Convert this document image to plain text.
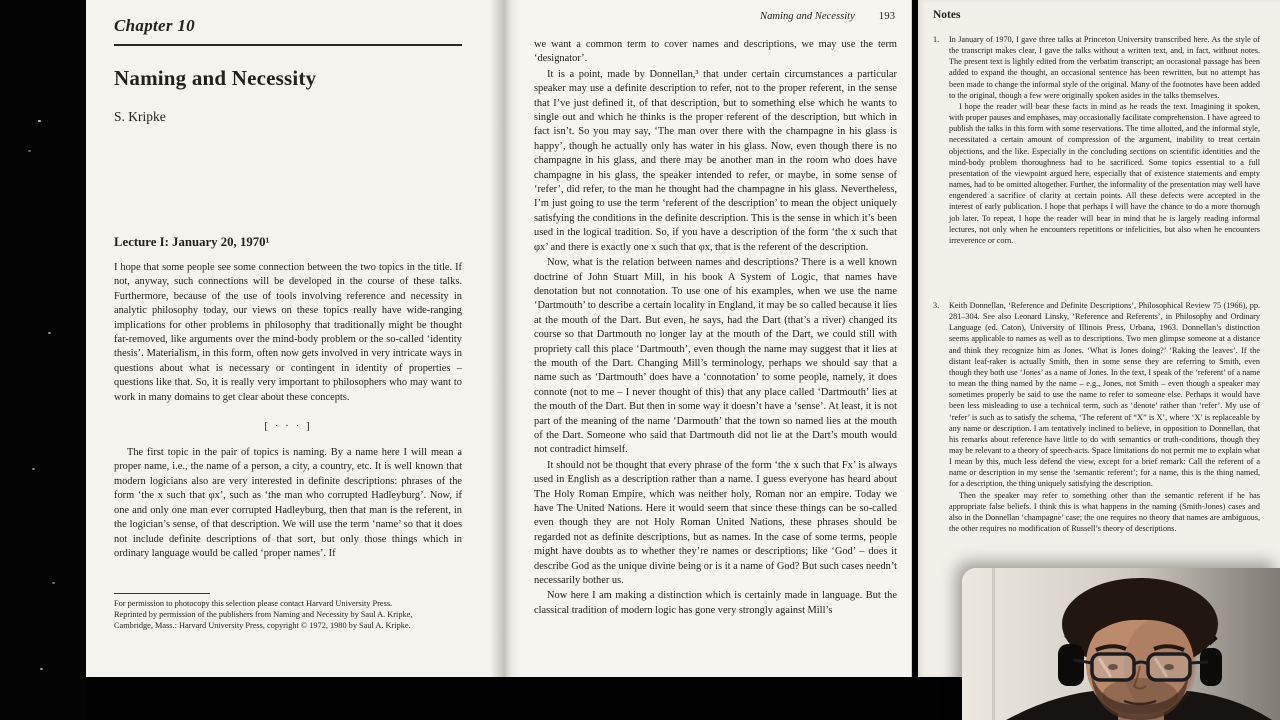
Chapter 10
Naming and Necessity
S. Kripke
Lecture I: January 20, 1970¹

I hope that some people see some connection between the two topics in the title. If not, anyway, such connections will be developed in the course of these talks. Furthermore, because of the use of tools involving reference and necessity in analytic philosophy today, our views on these topics really have wide-ranging implications for other problems in philosophy that traditionally might be thought far-removed, like arguments over the mind-body problem or the so-called ‘identity thesis’. Materialism, in this form, often now gets involved in very intricate ways in questions about what is necessary or contingent in identity of properties – questions like that. So, it is really very important to philosophers who may want to work in many domains to get clear about these concepts.

[ · · · ]

The first topic in the pair of topics is naming. By a name here I will mean a proper name, i.e., the name of a person, a city, a country, etc. It is well known that modern logicians also are very interested in definite descriptions: phrases of the form ‘the x such that φx’, such as ‘the man who corrupted Hadleyburg’. Now, if one and only one man ever corrupted Hadleyburg, then that man is the referent, in the logician’s sense, of that description. We will use the term ‘name’ so that it does not include definite descriptions of that sort, but only those things which in ordinary language would be called ‘proper names’. If

For permission to photocopy this selection please contact Harvard University Press.
Reprinted by permission of the publishers from Naming and Necessity by Saul A. Kripke,
Cambridge, Mass.: Harvard University Press, copyright © 1972, 1980 by Saul A. Kripke.
Naming and Necessity 193

we want a common term to cover names and descriptions, we may use the term ‘designator’.

It is a point, made by Donnellan,³ that under certain circumstances a particular speaker may use a definite description to refer, not to the proper referent, in the sense that I’ve just defined it, of that description, but to something else which he wants to single out and which he thinks is the proper referent of the description, but which in fact isn’t. So you may say, ‘The man over there with the champagne in his glass is happy’, though he actually only has water in his glass. Now, even though there is no champagne in his glass, and there may be another man in the room who does have champagne in his glass, the speaker intended to refer, or maybe, in some sense of ‘refer’, did refer, to the man he thought had the champagne in his glass. Nevertheless, I’m just going to use the term ‘referent of the description’ to mean the object uniquely satisfying the conditions in the definite description. This is the sense in which it’s been used in the logical tradition. So, if you have a description of the form ‘the x such that φx’ and there is exactly one x such that φx, that is the referent of the description.

Now, what is the relation between names and descriptions? There is a well known doctrine of John Stuart Mill, in his book A System of Logic, that names have denotation but not connotation. To use one of his examples, when we use the name ‘Dartmouth’ to describe a certain locality in England, it may be so called because it lies at the mouth of the Dart. But even, he says, had the Dart (that’s a river) changed its course so that Dartmouth no longer lay at the mouth of the Dart, we could still with propriety call this place ‘Dartmouth’, even though the name may suggest that it lies at the mouth of the Dart. Changing Mill’s terminology, perhaps we should say that a name such as ‘Dartmouth’ does have a ‘connotation’ to some people, namely, it does connote (not to me – I never thought of this) that any place called ‘Dartmouth’ lies at the mouth of the Dart. But then in some way it doesn’t have a ‘sense’. At least, it is not part of the meaning of the name ‘Darmouth’ that the town so named lies at the mouth of the Dart. Someone who said that Dartmouth did not lie at the Dart’s mouth would not contradict himself.

It should not be thought that every phrase of the form ‘the x such that Fx’ is always used in English as a description rather than a name. I guess everyone has heard about The Holy Roman Empire, which was neither holy, Roman nor an empire. Today we have The United Nations. Here it would seem that since these things can be so-called even though they are not Holy Roman United Nations, these phrases should be regarded not as definite descriptions, but as names. In the case of some terms, people might have doubts as to whether they’re names or descriptions; like ‘God’ – does it describe God as the unique divine being or is it a name of God? But such cases needn’t necessarily bother us.

Now here I am making a distinction which is certainly made in language. But the classical tradition of modern logic has gone very strongly against Mill’s

Notes
1.	In January of 1970, I gave three talks at Princeton University transcribed here. As the style of the transcript makes clear, I gave the talks without a written text, and, in fact, without notes. The present text is lightly edited from the verbatim transcript; an occasional passage has been added to expand the thought, an occasional sentence has been rewritten, but no attempt has been made to change the informal style of the original. Many of the footnotes have been added to the original, though a few were originally spoken asides in the talks themselves.

I hope the reader will bear these facts in mind as he reads the text. Imagining it spoken, with proper pauses and emphases, may occasionally facilitate comprehension. I have agreed to publish the talks in this form with some reservations. The time allotted, and the informal style, necessitated a certain amount of compression of the argument, inability to treat certain objections, and the like. Especially in the concluding sections on scientific identities and the mind-body problem thoroughness had to be sacrificed. Some topics essential to a full presentation of the viewpoint argued here, especially that of existence statements and empty names, had to be omitted altogether. Further, the informality of the presentation may well have engendered a sacrifice of clarity at certain points. All these defects were accepted in the interest of early publication. I hope that perhaps I will have the chance to do a more thorough job later. To repeat, I hope the reader will bear in mind that he is largely reading informal lectures, not only when he encounters repetitions or infelicities, but also when he encounters irreverence or corn.

3.	Keith Donnellan, ‘Reference and Definite Descriptions’, Philosophical Review 75 (1966), pp. 281–304. See also Leonard Linsky, ‘Reference and Referents’, in Philosophy and Ordinary Language (ed. Caton), University of Illinois Press, Urbana, 1963. Donnellan’s distinction seems applicable to names as well as to descriptions. Two men glimpse someone at a distance and think they recognize him as Jones. ‘What is Jones doing?’ ‘Raking the leaves’. If the distant leaf-raker is actually Smith, then in some sense they are referring to Smith, even though they both use ‘Jones’ as a name of Jones. In the text, I speak of the ‘referent’ of a name to mean the thing named by the name – e.g., Jones, not Smith – even though a speaker may sometimes properly be said to use the name to refer to someone else. Perhaps it would have been less misleading to use a technical term, such as ‘denote’ rather than ‘refer’. My use of ‘refer’ is such as to satisfy the schema, ‘The referent of “X” is X’, where ‘X’ is replaceable by any name or description. I am tentatively inclined to believe, in opposition to Donnellan, that his remarks about reference have little to do with semantics or truth-conditions, though they may be relevant to a theory of speech-acts. Space limitations do not permit me to explain what I mean by this, much less defend the view, except for a brief remark: Call the referent of a name or description in my sense the ‘semantic referent’; for a name, this is the thing named, for a description, the thing uniquely satisfying the description.

Then the speaker may refer to something other than the semantic referent if he has appropriate false beliefs. I think this is what happens in the naming (Smith-Jones) cases and also in the Donnellan ‘champagne’ case; the one requires no theory that names are ambiguous, the other requires no modification of Russell’s theory of descriptions.
